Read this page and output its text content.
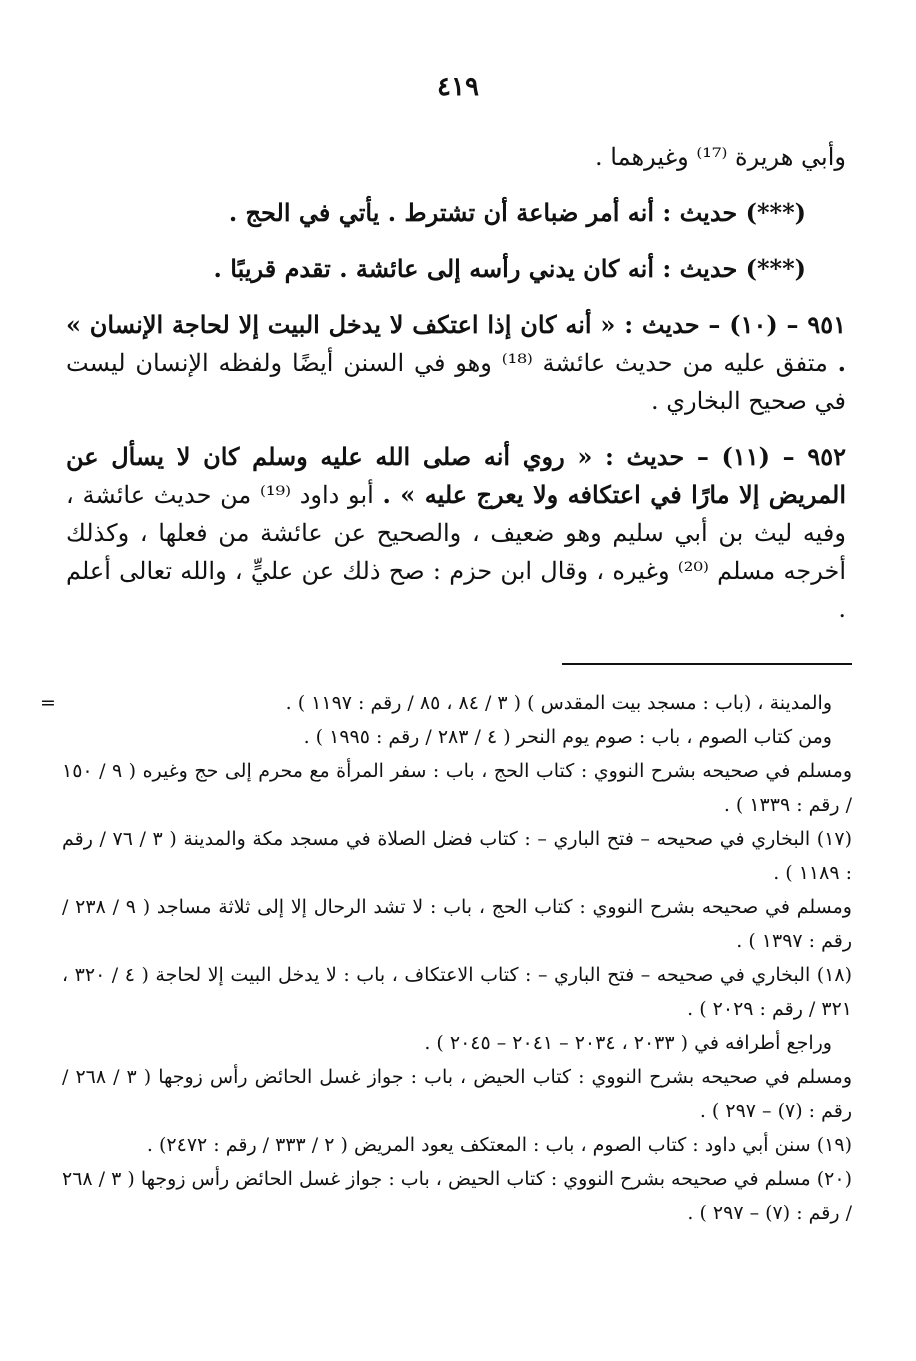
٤١٩

وأبي هريرة ⁽¹⁷⁾ وغيرهما .

(***) حديث : أنه أمر ضباعة أن تشترط . يأتي في الحج .

(***) حديث : أنه كان يدني رأسه إلى عائشة . تقدم قريبًا .

٩٥١ – (١٠) – حديث : « أنه كان إذا اعتكف لا يدخل البيت إلا لحاجة الإنسان » . متفق عليه من حديث عائشة ⁽¹⁸⁾ وهو في السنن أيضًا ولفظه الإنسان ليست في صحيح البخاري .

٩٥٢ – (١١) – حديث : « روي أنه صلى الله عليه وسلم كان لا يسأل عن المريض إلا مارًا في اعتكافه ولا يعرج عليه » . أبو داود ⁽¹⁹⁾ من حديث عائشة ، وفيه ليث بن أبي سليم وهو ضعيف ، والصحيح عن عائشة من فعلها ، وكذلك أخرجه مسلم ⁽²⁰⁾ وغيره ، وقال ابن حزم : صح ذلك عن عليٍّ ، والله تعالى أعلم .

=	والمدينة ، (باب : مسجد بيت المقدس ) ( ٣ / ٨٤ ، ٨٥ / رقم : ١١٩٧ ) .

ومن كتاب الصوم ، باب : صوم يوم النحر ( ٤ / ٢٨٣ / رقم : ١٩٩٥ ) .

ومسلم في صحيحه بشرح النووي : كتاب الحج ، باب : سفر المرأة مع محرم إلى حج وغيره ( ٩ / ١٥٠ / رقم : ١٣٣٩ ) .

(١٧) البخاري في صحيحه – فتح الباري – : كتاب فضل الصلاة في مسجد مكة والمدينة ( ٣ / ٧٦ / رقم : ١١٨٩ ) .

ومسلم في صحيحه بشرح النووي : كتاب الحج ، باب : لا تشد الرحال إلا إلى ثلاثة مساجد ( ٩ / ٢٣٨ / رقم : ١٣٩٧ ) .

(١٨) البخاري في صحيحه – فتح الباري – : كتاب الاعتكاف ، باب : لا يدخل البيت إلا لحاجة ( ٤ / ٣٢٠ ، ٣٢١ / رقم : ٢٠٢٩ ) .

وراجع أطرافه في ( ٢٠٣٣ ، ٢٠٣٤ – ٢٠٤١ – ٢٠٤٥ ) .

ومسلم في صحيحه بشرح النووي : كتاب الحيض ، باب : جواز غسل الحائض رأس زوجها ( ٣ / ٢٦٨ / رقم : (٧) – ٢٩٧ ) .

(١٩) سنن أبي داود : كتاب الصوم ، باب : المعتكف يعود المريض ( ٢ / ٣٣٣ / رقم : ٢٤٧٢) .

(٢٠) مسلم في صحيحه بشرح النووي : كتاب الحيض ، باب : جواز غسل الحائض رأس زوجها ( ٣ / ٢٦٨ / رقم : (٧) – ٢٩٧ ) .
